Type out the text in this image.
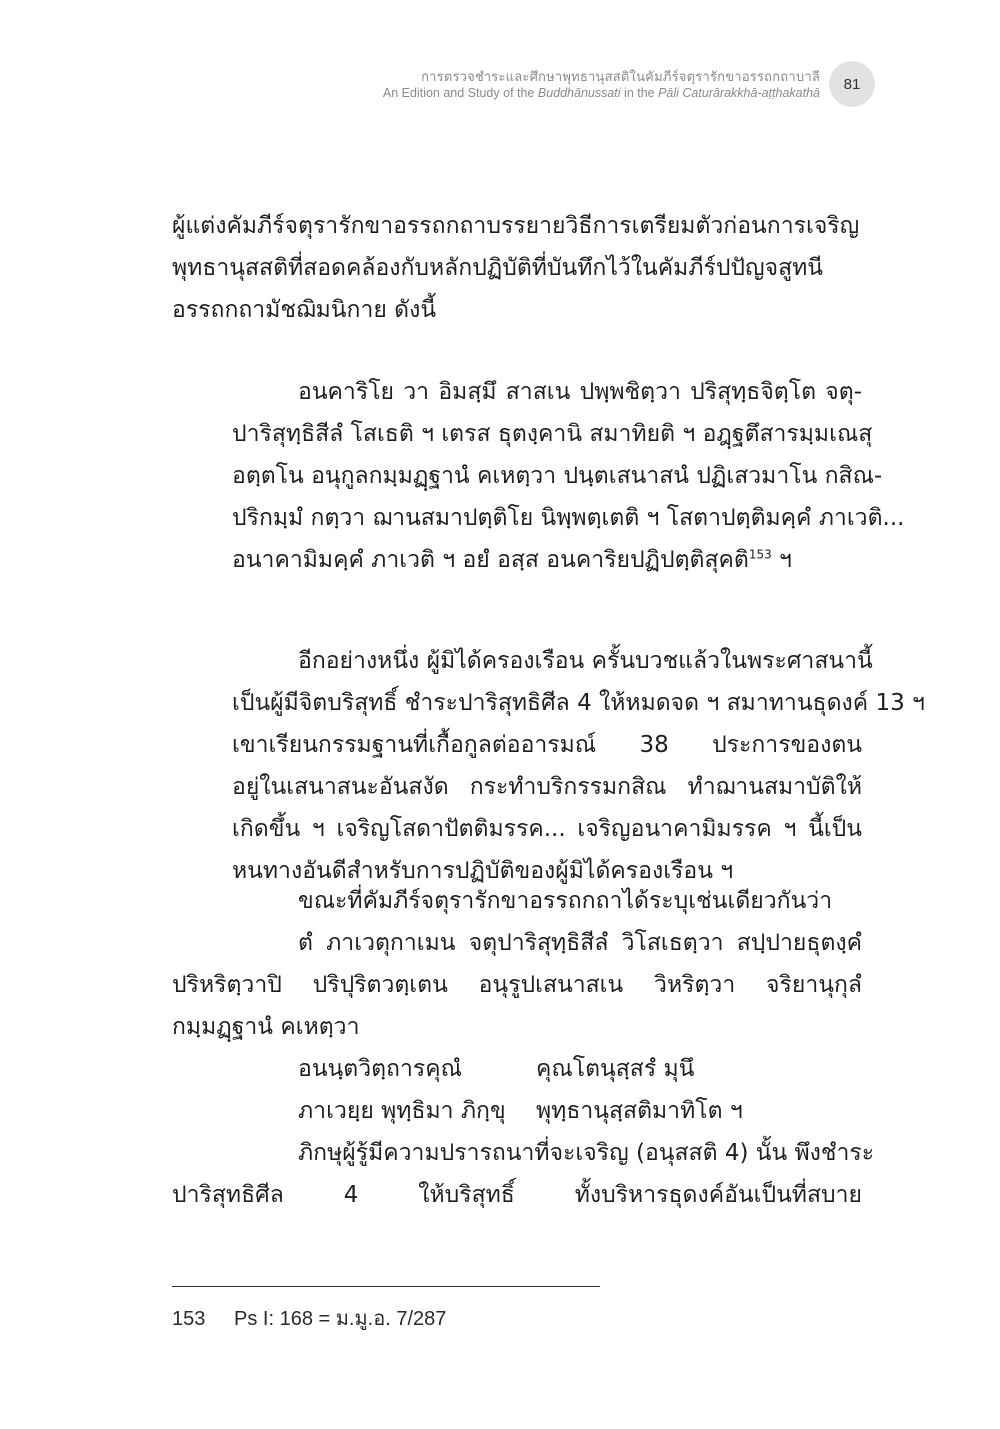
การตรวจชำระและศึกษาพุทธานุสสติในคัมภีร์จตุรารักขาอรรถกถาบาลี
An Edition and Study of the Buddhānussati in the Pāli Caturārakkhā-aṭṭhakathā
81
ผู้แต่งคัมภีร์จตุรารักขาอรรถกถาบรรยายวิธีการเตรียมตัวก่อนการเจริญ
พุทธานุสสติที่สอดคล้องกับหลักปฏิบัติที่บันทึกไว้ในคัมภีร์ปปัญจสูทนี
อรรถกถามัชฌิมนิกาย ดังนี้
อนคาริโย วา อิมสฺมึ สาสเน ปพฺพชิตฺวา ปริสุทฺธจิตฺโต จตุ-
ปาริสุทฺธิสีลํ โสเธติ ฯ เตรส ธุตงฺคานิ สมาทิยติ ฯ อฎฺฐตึสารมฺมเณสุ
อตฺตโน อนุกูลกมฺมฏฺฐานํ คเหตฺวา ปนฺตเสนาสนํ ปฏิเสวมาโน กสิณ-
ปริกมฺมํ กตฺวา ฌานสมาปตฺติโย นิพฺพตฺเตติ ฯ โสตาปตฺติมคฺคํ ภาเวติ...
อนาคามิมคฺคํ ภาเวติ ฯ อยํ อสฺส อนคาริยปฏิปตฺติสุคติ$^{153}$ ฯ
อีกอย่างหนึ่ง ผู้มิได้ครองเรือน ครั้นบวชแล้วในพระศาสนานี้
เป็นผู้มีจิตบริสุทธิ์ ชำระปาริสุทธิศีล 4 ให้หมดจด ฯ สมาทานธุดงค์ 13 ฯ
เขาเรียนกรรมฐานที่เกื้อกูลต่ออารมณ์ 38 ประการของตน
อยู่ในเสนาสนะอันสงัด กระทำบริกรรมกสิณ ทำฌานสมาบัติให้
เกิดขึ้น ฯ เจริญโสดาปัตติมรรค... เจริญอนาคามิมรรค ฯ นี้เป็น
หนทางอันดีสำหรับการปฏิบัติของผู้มิได้ครองเรือน ฯ
ขณะที่คัมภีร์จตุรารักขาอรรถกถาได้ระบุเช่นเดียวกันว่า
ตํ ภาเวตุกาเมน จตุปาริสุทฺธิสีลํ วิโสเธตฺวา สปฺปายธุตงฺคํ
ปริหริตฺวาปิ ปริปุริตวตฺเตน อนุรูปเสนาสเน วิหริตฺวา จริยานุกุลํ
กมฺมฏฺฐานํ คเหตฺวา
อนนฺตวิตฺถารคุณํ	คุณโตนุสฺสรํ มุนึ
ภาเวยฺย พุทฺธิมา ภิกฺขุ	พุทฺธานุสฺสติมาทิโต ฯ
ภิกษุผู้รู้มีความปรารถนาที่จะเจริญ (อนุสสติ 4) นั้น พึงชำระ
ปาริสุทธิศีล 4 ให้บริสุทธิ์ ทั้งบริหารธุดงค์อันเป็นที่สบาย
153 Ps I: 168 = ม.มู.อ. 7/287
